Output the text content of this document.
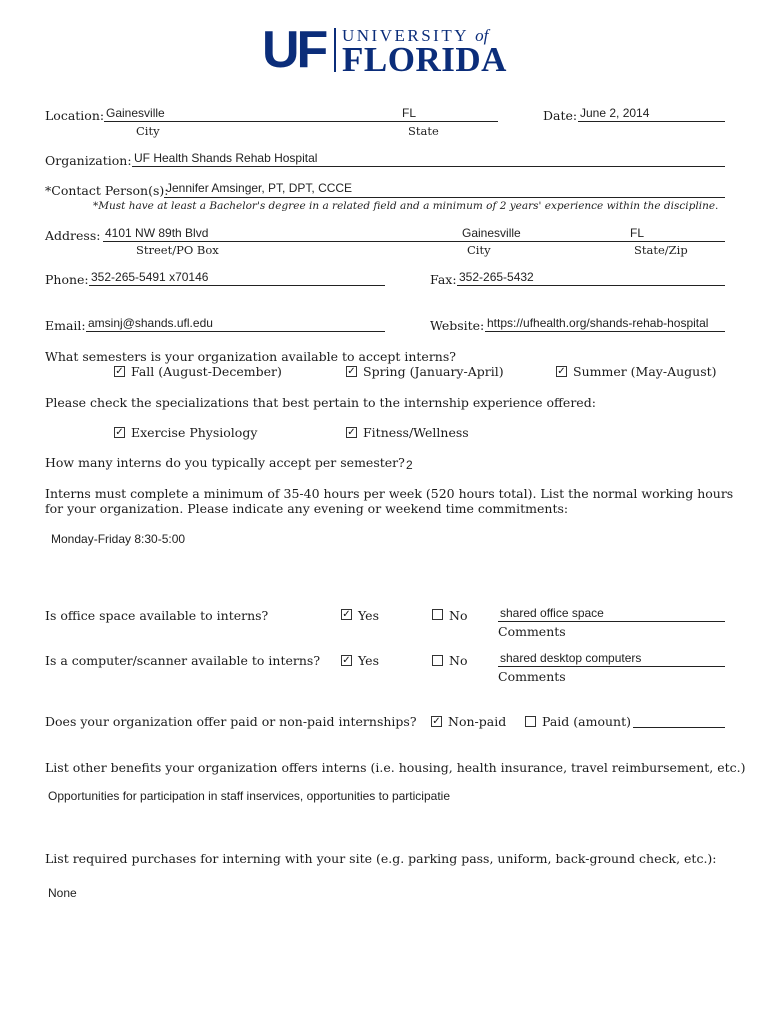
UF UNIVERSITY of
FLORIDA
Location: Gainesville	FL
City	State
Date: June 2, 2014
Organization: UF Health Shands Rehab Hospital
*Contact Person(s):
Jennifer Amsinger, PT, DPT, CCCE
*Must have at least a Bachelor's degree in a related field and a minimum of 2 years' experience within the discipline.
Address: 4101 NW 89th Blvd	Gainesville	FL
Street/PO Box	City	State/Zip
Phone: 352-265-5491 x70146	Fax: 352-265-5432
Email: amsinj@shands.ufl.edu	Website: https://ufhealth.org/shands-rehab-hospital
What semesters is your organization available to accept interns?
✓ Fall (August-December)	✓ Spring (January-April)	✓ Summer (May-August)
Please check the specializations that best pertain to the internship experience offered:
✓ Exercise Physiology	✓ Fitness/Wellness
How many interns do you typically accept per semester? 2
Interns must complete a minimum of 35-40 hours per week (520 hours total). List the normal working hours
for your organization. Please indicate any evening or weekend time commitments:
Monday-Friday 8:30-5:00
Is office space available to interns?	✓ Yes	No	shared office space
Comments
Is a computer/scanner available to interns? ✓ Yes	No	shared desktop computers
Comments
Does your organization offer paid or non-paid internships? ✓ Non-paid	Paid (amount)
List other benefits your organization offers interns (i.e. housing, health insurance, travel reimbursement, etc.)
Opportunities for participation in staff inservices, opportunities to participatie
List required purchases for interning with your site (e.g. parking pass, uniform, back-ground check, etc.):
None
